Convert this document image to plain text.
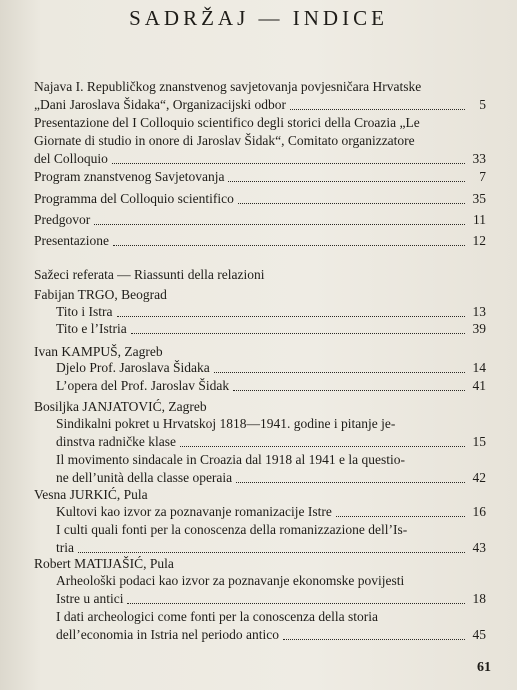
SADRŽAJ — INDICE
Najava I. Republičkog znanstvenog savjetovanja povjesničara Hrvatske
„Dani Jaroslava Šidaka“, Organizacijski odbor	5
Presentazione del I Colloquio scientifico degli storici della Croazia „Le
Giornate di studio in onore di Jaroslav Šidak“, Comitato organizzatore
del Colloquio	33
Program znanstvenog Savjetovanja	7
Programma del Colloquio scientifico	35
Predgovor	11
Presentazione	12
Sažeci referata — Riassunti della relazioni
Fabijan TRGO, Beograd
Tito i Istra	13
Tito e l’Istria	39
Ivan KAMPUŠ, Zagreb
Djelo Prof. Jaroslava Šidaka	14
L’opera del Prof. Jaroslav Šidak	41
Bosiljka JANJATOVIĆ, Zagreb
Sindikalni pokret u Hrvatskoj 1818—1941. godine i pitanje je-
dinstva radničke klase	15
Il movimento sindacale in Croazia dal 1918 al 1941 e la questio-
ne dell’unità della classe operaia	42
Vesna JURKIĆ, Pula
Kultovi kao izvor za poznavanje romanizacije Istre	16
I culti quali fonti per la conoscenza della romanizzazione dell’Is-
tria	43
Robert MATIJAŠIĆ, Pula
Arheološki podaci kao izvor za poznavanje ekonomske povijesti
Istre u antici	18
I dati archeologici come fonti per la conoscenza della storia
dell’economia in Istria nel periodo antico	45
61
